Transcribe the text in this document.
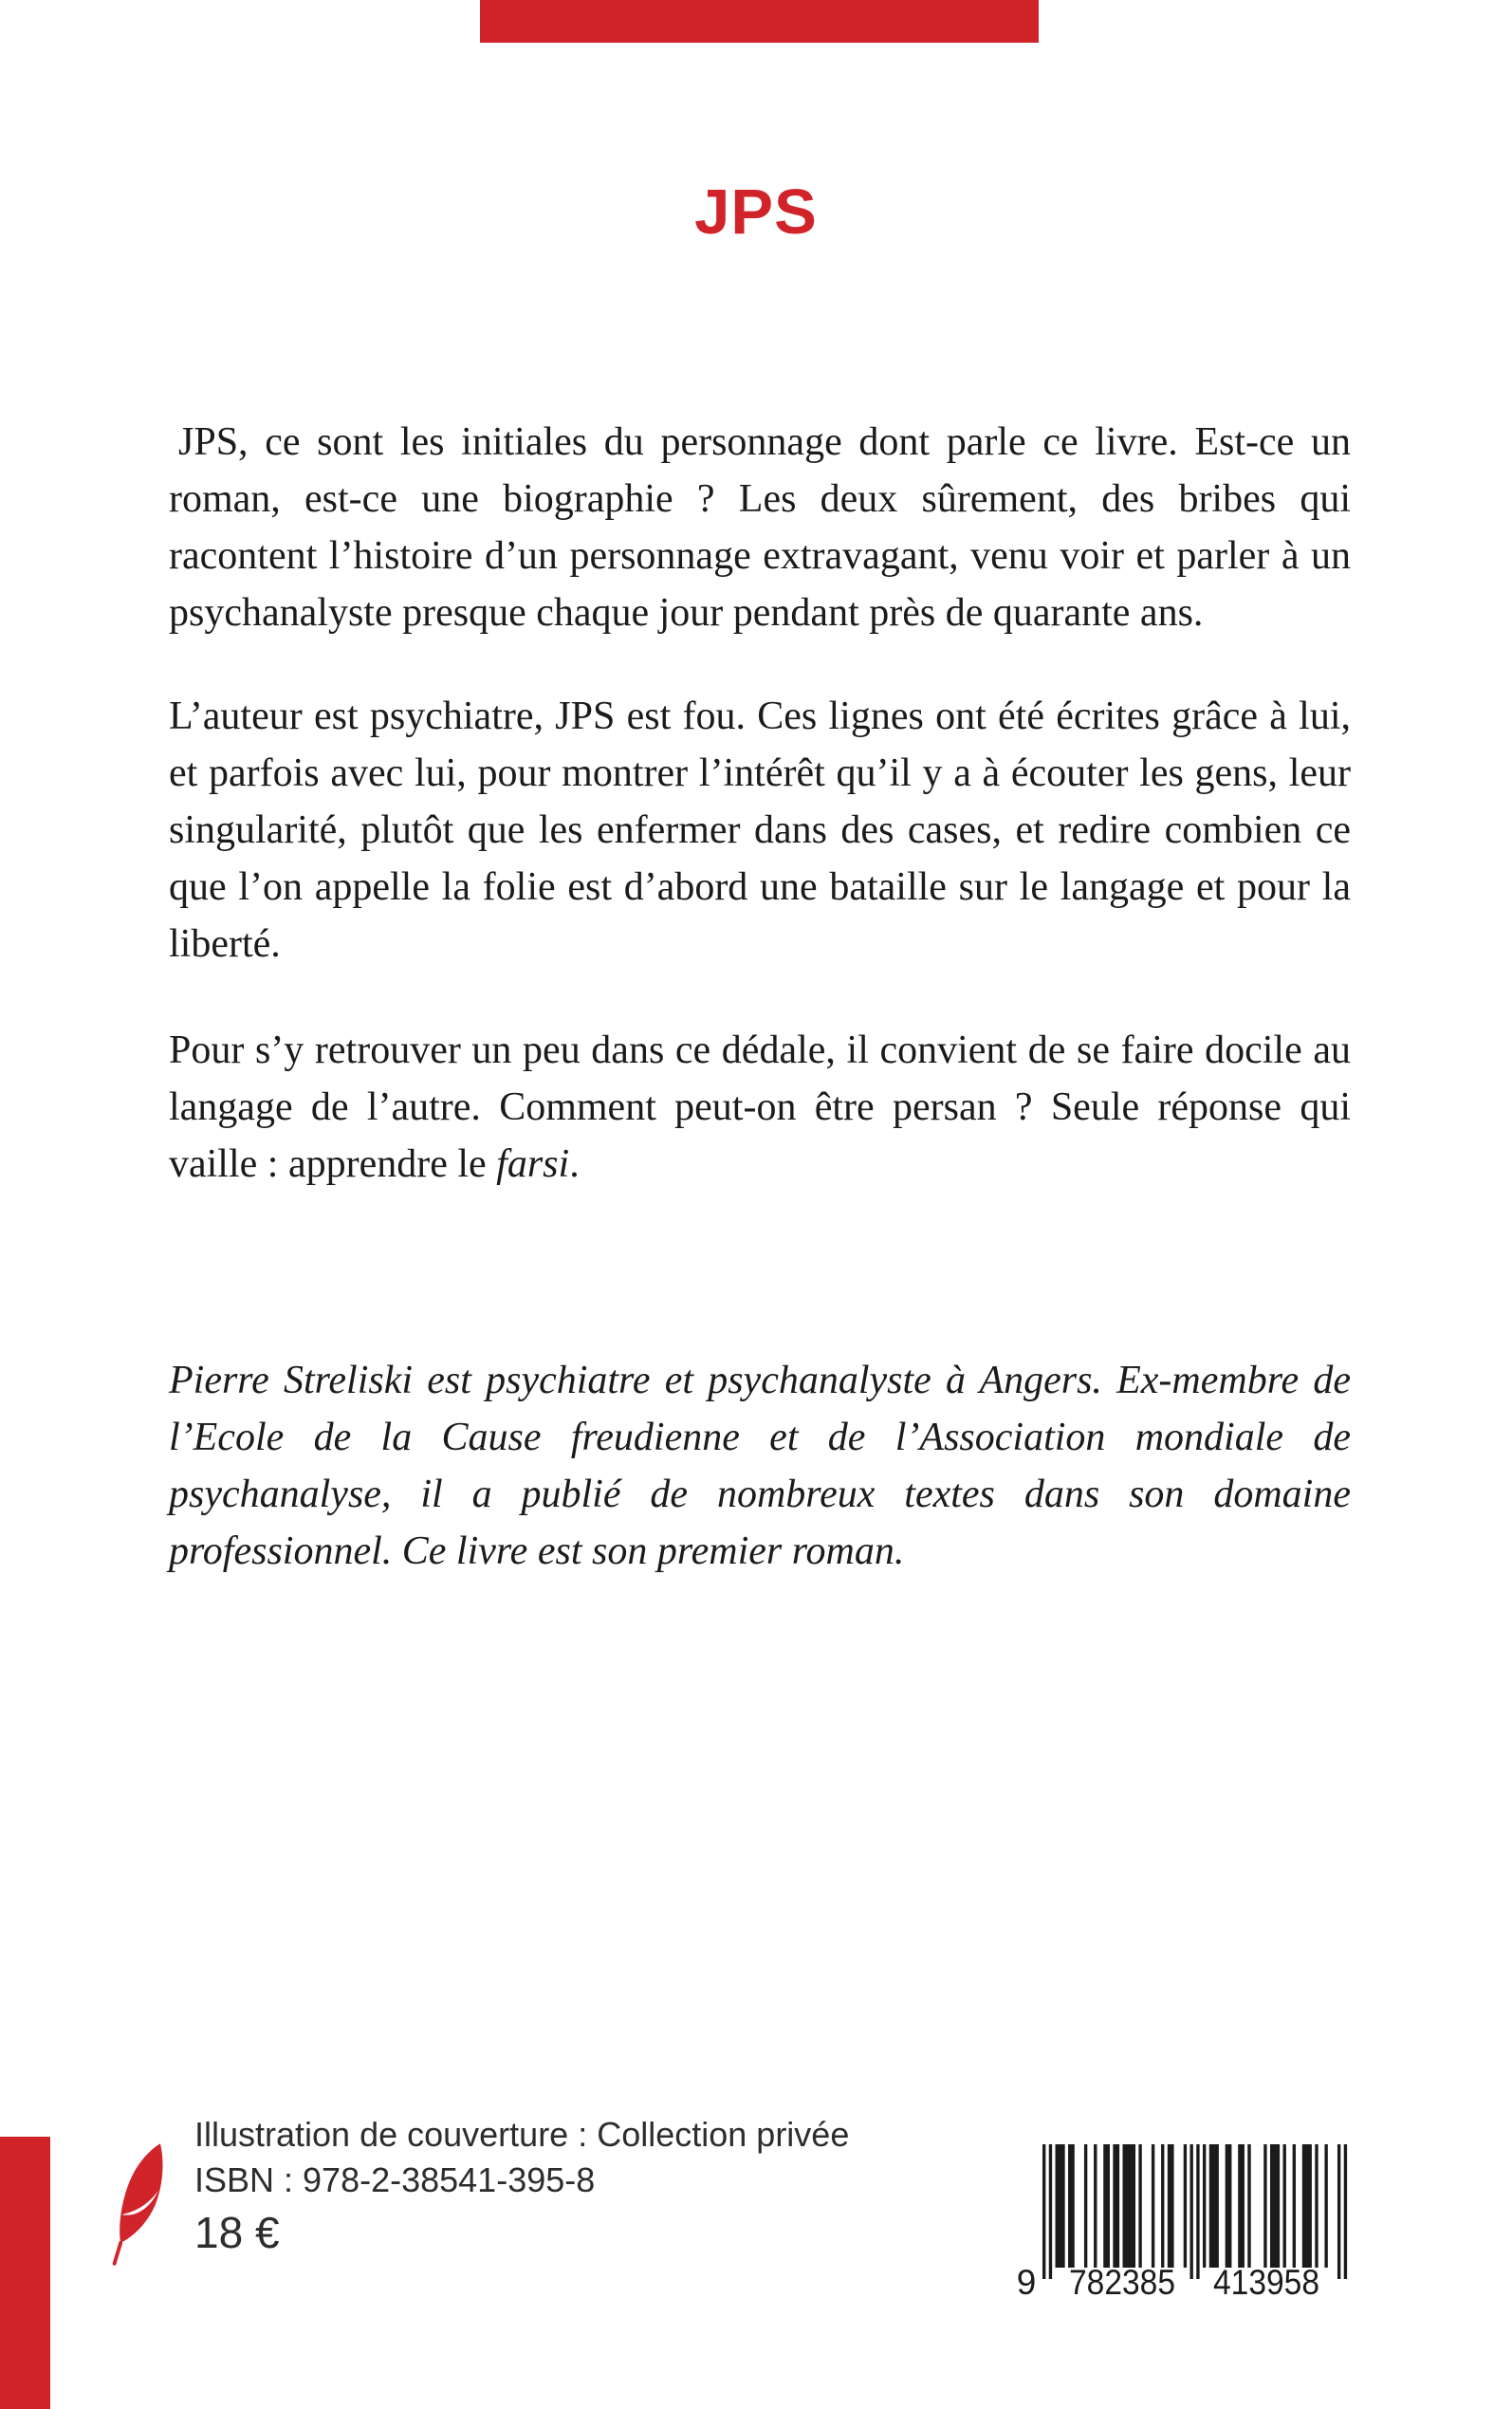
JPS

JPS, ce sont les initiales du personnage dont parle ce livre. Est-ce un roman, est-ce une biographie ? Les deux sûrement, des bribes qui racontent l’histoire d’un personnage extravagant, venu voir et parler à un psychanalyste presque chaque jour pendant près de quarante ans.

L’auteur est psychiatre, JPS est fou. Ces lignes ont été écrites grâce à lui, et parfois avec lui, pour montrer l’intérêt qu’il y a à écouter les gens, leur singularité, plutôt que les enfermer dans des cases, et redire combien ce que l’on appelle la folie est d’abord une bataille sur le langage et pour la liberté.

Pour s’y retrouver un peu dans ce dédale, il convient de se faire docile au langage de l’autre. Comment peut-on être persan ? Seule réponse qui vaille : apprendre le farsi.

Pierre Streliski est psychiatre et psychanalyste à Angers. Ex-membre de l’Ecole de la Cause freudienne et de l’Association mondiale de psychanalyse, il a publié de nombreux textes dans son domaine professionnel. Ce livre est son premier roman.

Illustration de couverture : Collection privée
ISBN : 978-2-38541-395-8
18 €
9 782385 413958
